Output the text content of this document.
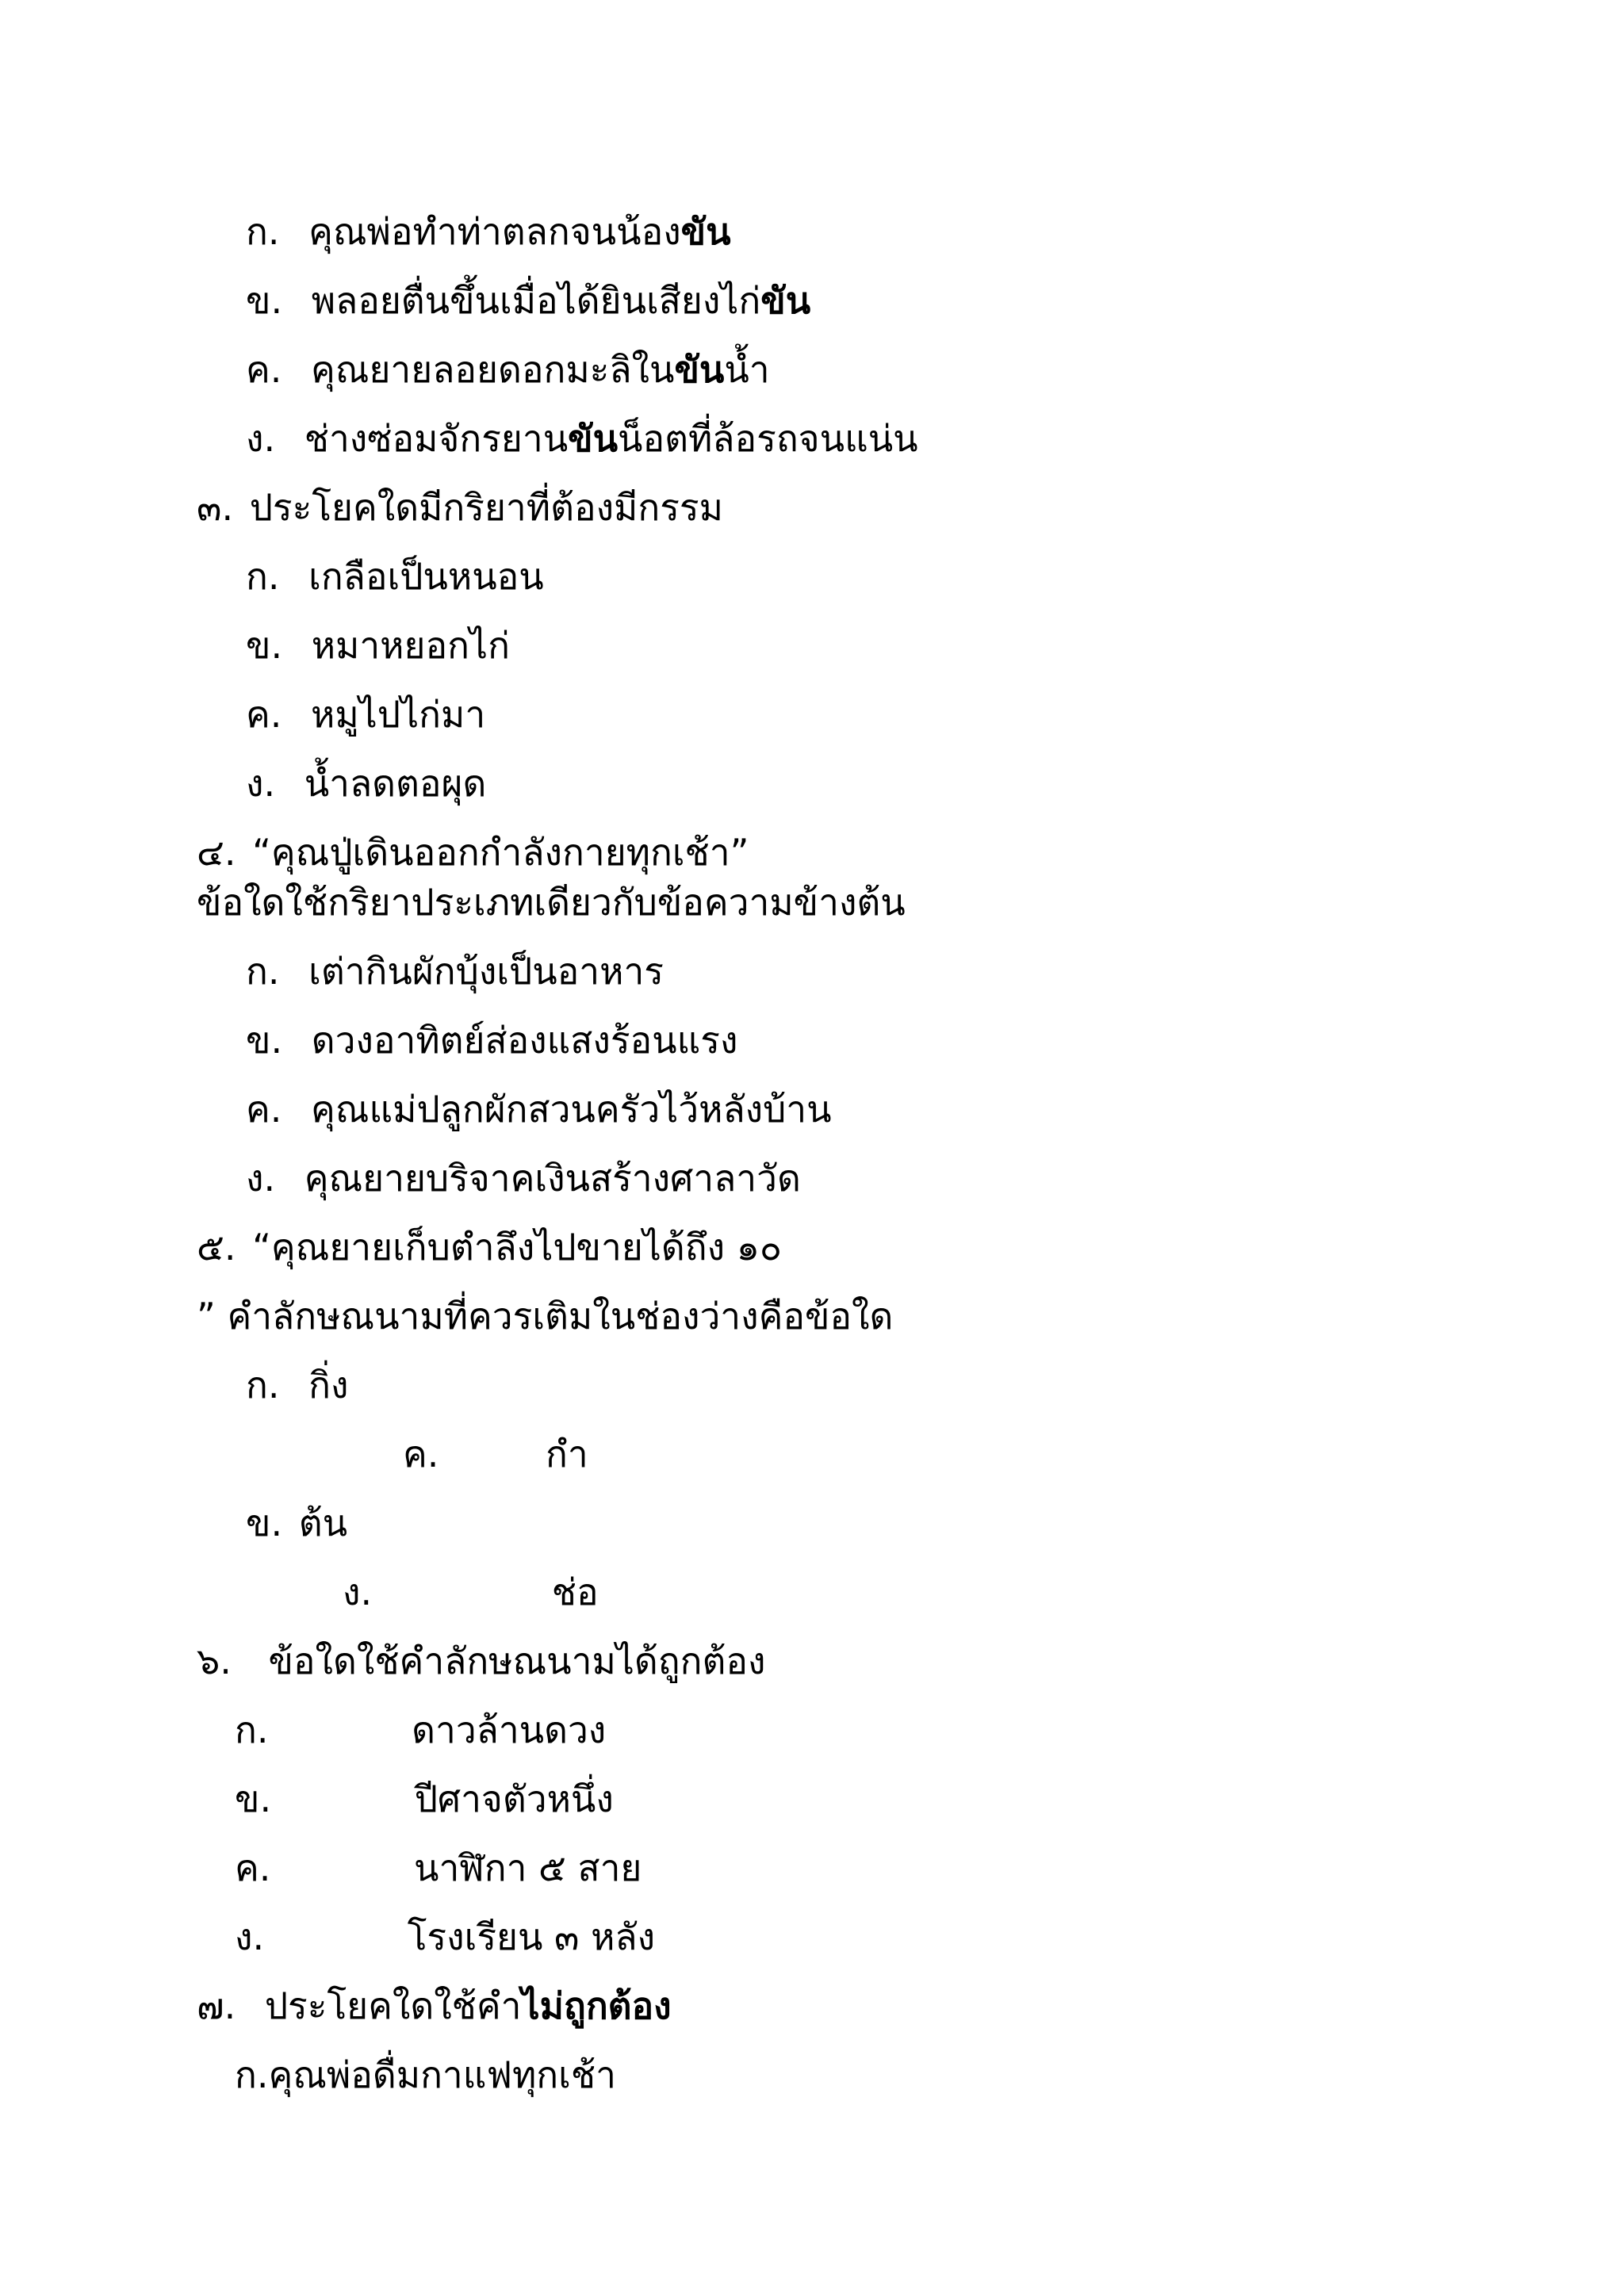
ก. คุณพ่อทำท่าตลกจนน้องขัน
ข. พลอยตื่นขึ้นเมื่อได้ยินเสียงไก่ขัน
ค. คุณยายลอยดอกมะลิในขันน้ำ
ง. ช่างซ่อมจักรยานขันน็อตที่ล้อรถจนแน่น
๓. ประโยคใดมีกริยาที่ต้องมีกรรม
ก. เกลือเป็นหนอน
ข. หมาหยอกไก่
ค. หมูไปไก่มา
ง. น้ำลดตอผุด
๔. “คุณปู่เดินออกกำลังกายทุกเช้า”
ข้อใดใช้กริยาประเภทเดียวกับข้อความข้างต้น
ก. เต่ากินผักบุ้งเป็นอาหาร
ข. ดวงอาทิตย์ส่องแสงร้อนแรง
ค. คุณแม่ปลูกผักสวนครัวไว้หลังบ้าน
ง. คุณยายบริจาคเงินสร้างศาลาวัด
๕. “คุณยายเก็บตำลึงไปขายได้ถึง ๑๐
” คำลักษณนามที่ควรเติมในช่องว่างคือข้อใด
ก. กิ่ง
ค.	กำ
ข. ต้น
ง.	ช่อ
๖. ข้อใดใช้คำลักษณนามได้ถูกต้อง
ก.	ดาวล้านดวง
ข.	ปีศาจตัวหนึ่ง
ค.	นาฬิกา ๕ สาย
ง.	โรงเรียน ๓ หลัง
๗. ประโยคใดใช้คำไม่ถูกต้อง
ก.คุณพ่อดื่มกาแฟทุกเช้า
